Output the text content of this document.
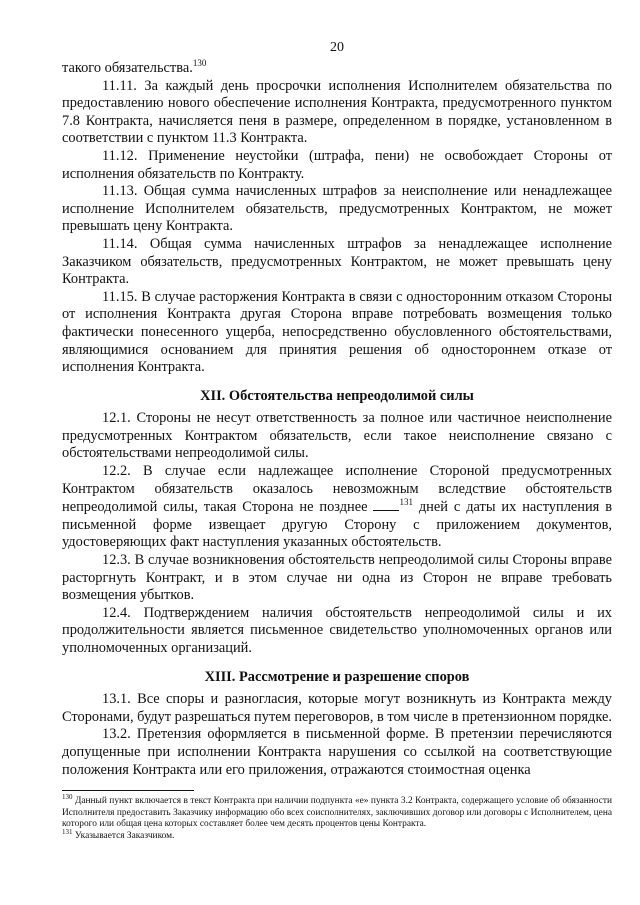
20

такого обязательства.$^{130}$

11.11. За каждый день просрочки исполнения Исполнителем обязательства по предоставлению нового обеспечение исполнения Контракта, предусмотренного пунктом 7.8 Контракта, начисляется пеня в размере, определенном в порядке, установленном в соответствии с пунктом 11.3 Контракта.

11.12. Применение неустойки (штрафа, пени) не освобождает Стороны от исполнения обязательств по Контракту.

11.13. Общая сумма начисленных штрафов за неисполнение или ненадлежащее исполнение Исполнителем обязательств, предусмотренных Контрактом, не может превышать цену Контракта.

11.14. Общая сумма начисленных штрафов за ненадлежащее исполнение Заказчиком обязательств, предусмотренных Контрактом, не может превышать цену Контракта.

11.15. В случае расторжения Контракта в связи с односторонним отказом Стороны от исполнения Контракта другая Сторона вправе потребовать возмещения только фактически понесенного ущерба, непосредственно обусловленного обстоятельствами, являющимися основанием для принятия решения об одностороннем отказе от исполнения Контракта.

XII. Обстоятельства непреодолимой силы

12.1. Стороны не несут ответственность за полное или частичное неисполнение предусмотренных Контрактом обязательств, если такое неисполнение связано с обстоятельствами непреодолимой силы.

12.2. В случае если надлежащее исполнение Стороной предусмотренных Контрактом обязательств оказалось невозможным вследствие обстоятельств непреодолимой силы, такая Сторона не позднее	$^{131}$ дней с даты их наступления в письменной форме извещает другую Сторону с приложением документов, удостоверяющих факт наступления указанных обстоятельств.

12.3. В случае возникновения обстоятельств непреодолимой силы Стороны вправе расторгнуть Контракт, и в этом случае ни одна из Сторон не вправе требовать возмещения убытков.

12.4. Подтверждением наличия обстоятельств непреодолимой силы и их продолжительности является письменное свидетельство уполномоченных органов или уполномоченных организаций.

XIII. Рассмотрение и разрешение споров

13.1. Все споры и разногласия, которые могут возникнуть из Контракта между Сторонами, будут разрешаться путем переговоров, в том числе в претензионном порядке.

13.2. Претензия оформляется в письменной форме. В претензии перечисляются допущенные при исполнении Контракта нарушения со ссылкой на соответствующие положения Контракта или его приложения, отражаются стоимостная оценка

$^{130}$ Данный пункт включается в текст Контракта при наличии подпункта «е» пункта 3.2 Контракта, содержащего условие об обязанности Исполнителя предоставить Заказчику информацию обо всех соисполнителях, заключивших договор или договоры с Исполнителем, цена которого или общая цена которых составляет более чем десять процентов цены Контракта.

$^{131}$ Указывается Заказчиком.
